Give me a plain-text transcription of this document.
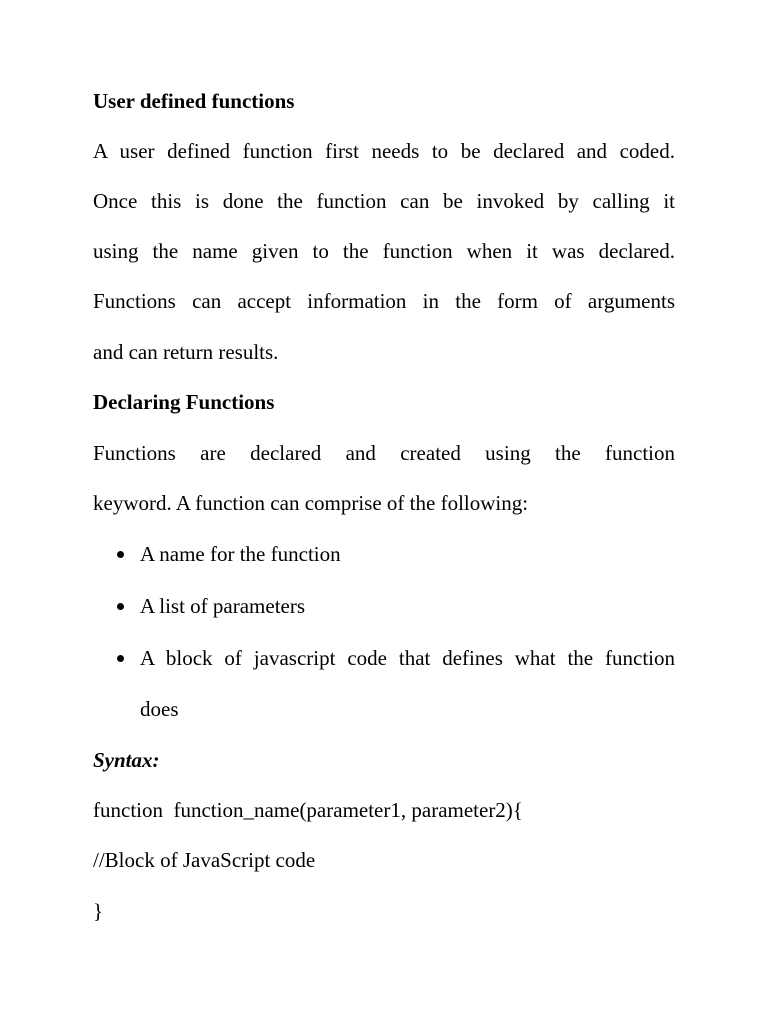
User defined functions
A user defined function first needs to be declared and coded.
Once this is done the function can be invoked by calling it
using the name given to the function when it was declared.
Functions can accept information in the form of arguments
and can return results.
Declaring Functions
Functions are declared and created using the function
keyword. A function can comprise of the following:
A name for the function
A list of parameters
A block of javascript code that defines what the function
does
Syntax:
function  function_name(parameter1, parameter2){
//Block of JavaScript code
}
